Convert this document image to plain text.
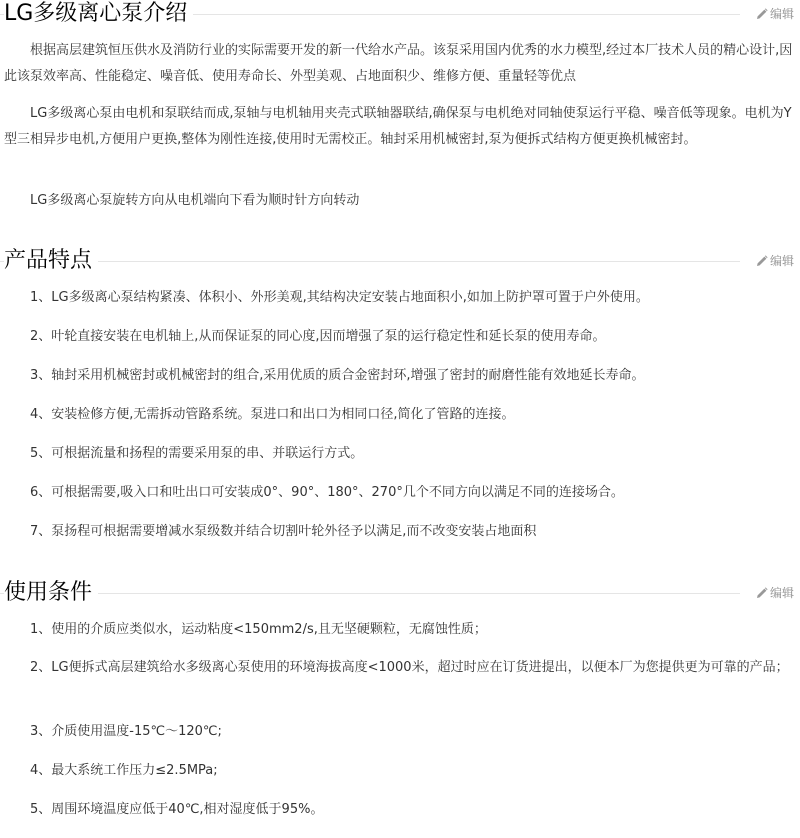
LG多级离心泵介绍	编辑

根据高层建筑恒压供水及消防行业的实际需要开发的新一代给水产品。该泵采用国内优秀的水力模型,经过本厂技术人员的精心设计,因此该泵效率高、性能稳定、噪音低、使用寿命长、外型美观、占地面积少、维修方便、重量轻等优点

LG多级离心泵由电机和泵联结而成,泵轴与电机轴用夹壳式联轴器联结,确保泵与电机绝对同轴使泵运行平稳、噪音低等现象。电机为Y型三相异步电机,方便用户更换,整体为刚性连接,使用时无需校正。轴封采用机械密封,泵为便拆式结构方便更换机械密封。

LG多级离心泵旋转方向从电机端向下看为顺时针方向转动

产品特点	编辑

1、LG多级离心泵结构紧凑、体积小、外形美观,其结构决定安装占地面积小,如加上防护罩可置于户外使用。

2、叶轮直接安装在电机轴上,从而保证泵的同心度,因而增强了泵的运行稳定性和延长泵的使用寿命。

3、轴封采用机械密封或机械密封的组合,采用优质的质合金密封环,增强了密封的耐磨性能有效地延长寿命。

4、安装检修方便,无需拆动管路系统。泵进口和出口为相同口径,简化了管路的连接。

5、可根据流量和扬程的需要采用泵的串、并联运行方式。

6、可根据需要,吸入口和吐出口可安装成0°、90°、180°、270°几个不同方向以满足不同的连接场合。

7、泵扬程可根据需要增减水泵级数并结合切割叶轮外径予以满足,而不改变安装占地面积

使用条件	编辑

1、使用的介质应类似水，运动粘度<150mm2/s,且无坚硬颗粒，无腐蚀性质；

2、LG便拆式高层建筑给水多级离心泵使用的环境海拔高度<1000米，超过时应在订货进提出，以便本厂为您提供更为可靠的产品；

3、介质使用温度-15℃～120℃;

4、最大系统工作压力≤2.5MPa;

5、周围环境温度应低于40℃,相对湿度低于95%。
